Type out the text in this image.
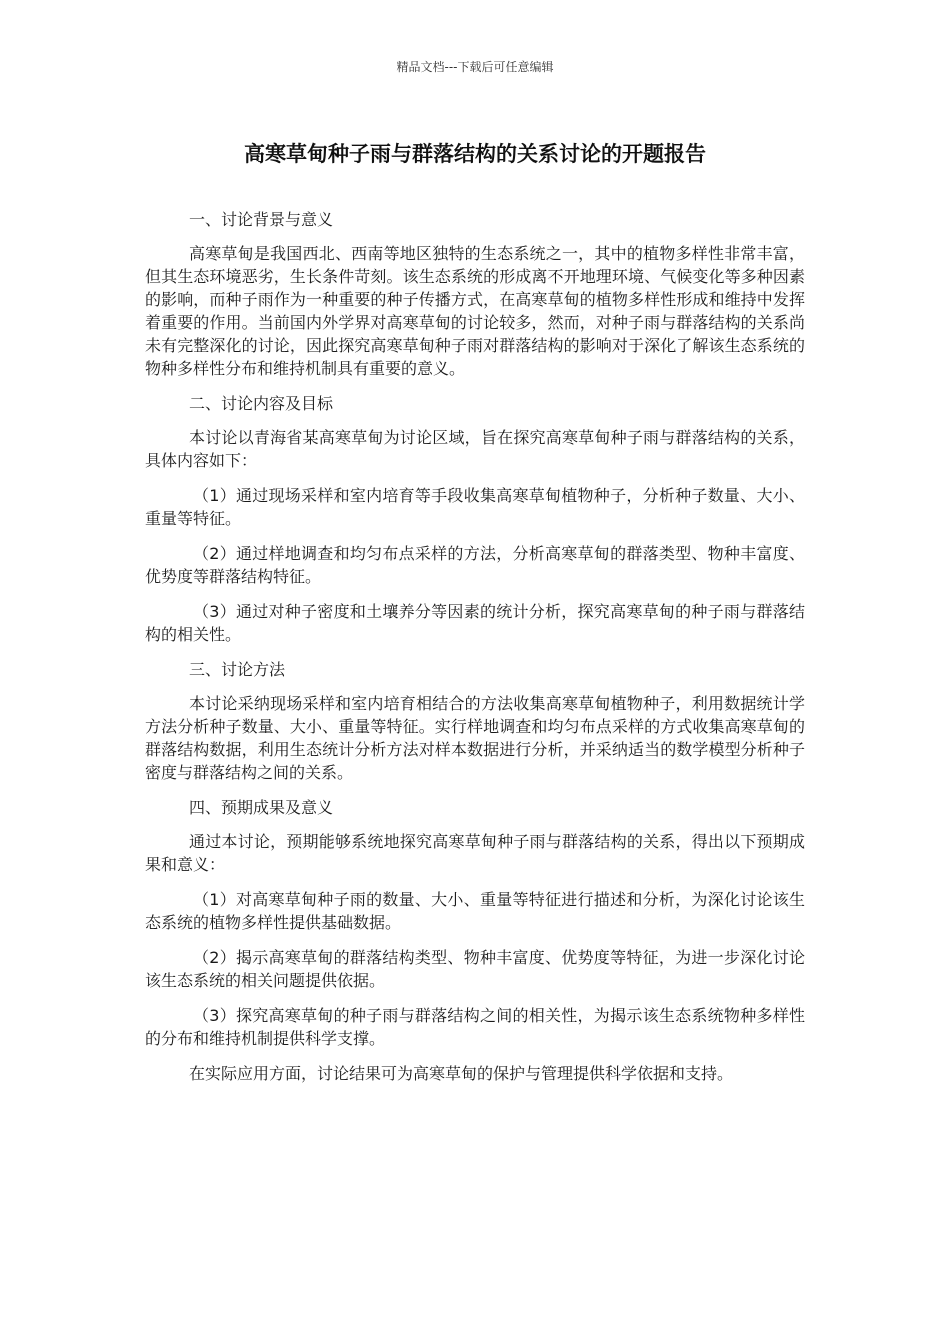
精品文档---下载后可任意编辑
高寒草甸种子雨与群落结构的关系讨论的开题报告

一、讨论背景与意义

高寒草甸是我国西北、西南等地区独特的生态系统之一，其中的植物多样性非常丰富，但其生态环境恶劣，生长条件苛刻。该生态系统的形成离不开地理环境、气候变化等多种因素的影响，而种子雨作为一种重要的种子传播方式，在高寒草甸的植物多样性形成和维持中发挥着重要的作用。当前国内外学界对高寒草甸的讨论较多，然而，对种子雨与群落结构的关系尚未有完整深化的讨论，因此探究高寒草甸种子雨对群落结构的影响对于深化了解该生态系统的物种多样性分布和维持机制具有重要的意义。

二、讨论内容及目标

本讨论以青海省某高寒草甸为讨论区域，旨在探究高寒草甸种子雨与群落结构的关系，具体内容如下：

（1）通过现场采样和室内培育等手段收集高寒草甸植物种子，分析种子数量、大小、重量等特征。

（2）通过样地调查和均匀布点采样的方法，分析高寒草甸的群落类型、物种丰富度、优势度等群落结构特征。

（3）通过对种子密度和土壤养分等因素的统计分析，探究高寒草甸的种子雨与群落结构的相关性。

三、讨论方法

本讨论采纳现场采样和室内培育相结合的方法收集高寒草甸植物种子，利用数据统计学方法分析种子数量、大小、重量等特征。实行样地调查和均匀布点采样的方式收集高寒草甸的群落结构数据，利用生态统计分析方法对样本数据进行分析，并采纳适当的数学模型分析种子密度与群落结构之间的关系。

四、预期成果及意义

通过本讨论，预期能够系统地探究高寒草甸种子雨与群落结构的关系，得出以下预期成果和意义：

（1）对高寒草甸种子雨的数量、大小、重量等特征进行描述和分析，为深化讨论该生态系统的植物多样性提供基础数据。

（2）揭示高寒草甸的群落结构类型、物种丰富度、优势度等特征，为进一步深化讨论该生态系统的相关问题提供依据。

（3）探究高寒草甸的种子雨与群落结构之间的相关性，为揭示该生态系统物种多样性的分布和维持机制提供科学支撑。

在实际应用方面，讨论结果可为高寒草甸的保护与管理提供科学依据和支持。
